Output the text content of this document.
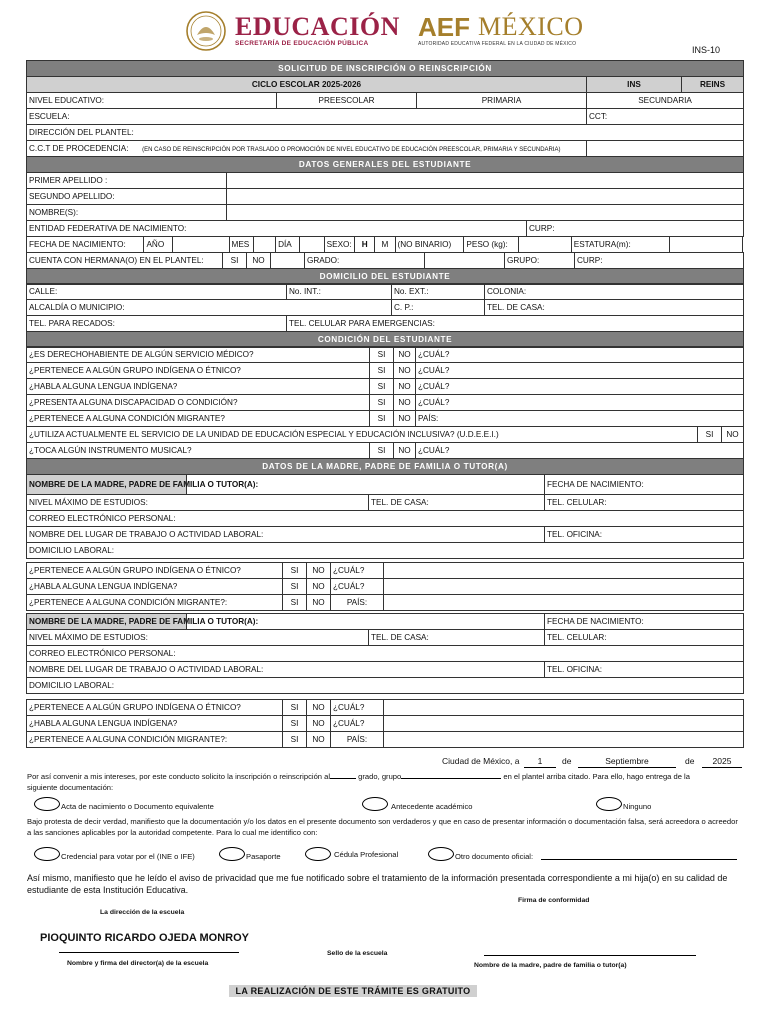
EDUCACIÓN
SECRETARÍA DE EDUCACIÓN PÚBLICA
AEF MÉXICO
AUTORIDAD EDUCATIVA FEDERAL EN LA CIUDAD DE MÉXICO
INS-10
SOLICITUD DE INSCRIPCIÓN O REINSCRIPCIÓN				
CICLO ESCOLAR 2025-2026			INS	REINS
NIVEL EDUCATIVO:	PREESCOLAR	PRIMARIA	SECUNDARIA	
ESCUELA:			CCT:	
DIRECCIÓN DEL PLANTEL:				
C.C.T DE PROCEDENCIA: (EN CASO DE REINSCRIPCIÓN POR TRASLADO O PROMOCIÓN DE NIVEL EDUCATIVO DE EDUCACIÓN PREESCOLAR, PRIMARIA Y SECUNDARIA)				
DATOS GENERALES DEL ESTUDIANTE				
PRIMER APELLIDO :		
SEGUNDO APELLIDO:		
NOMBRE(S):		
ENTIDAD FEDERATIVA DE NACIMIENTO:		CURP:
FECHA DE NACIMIENTO:	AÑO		MES		DÍA		SEXO:	H	M	(NO BINARIO)	PESO (kg):		ESTATURA(m):	
CUENTA CON HERMANA(O) EN EL PLANTEL:	SI	NO		GRADO:		GRUPO:	CURP:
DOMICILIO DEL ESTUDIANTE
CALLE:	No. INT.:	No. EXT.:	COLONIA:
ALCALDÍA O MUNICIPIO:		C. P.:	TEL. DE CASA:
TEL. PARA RECADOS:	TEL. CELULAR PARA EMERGENCIAS:		
CONDICIÓN DEL ESTUDIANTE			
¿ES DERECHOHABIENTE DE ALGÚN SERVICIO MÉDICO?	SI	NO	¿CUÁL?
¿PERTENECE A ALGÚN GRUPO INDÍGENA O ÉTNICO?	SI	NO	¿CUÁL?
¿HABLA ALGUNA LENGUA INDÍGENA?	SI	NO	¿CUÁL?
¿PRESENTA ALGUNA DISCAPACIDAD O CONDICIÓN?	SI	NO	¿CUÁL?
¿PERTENECE A ALGUNA CONDICIÓN MIGRANTE?	SI	NO	PAÍS:
¿UTILIZA ACTUALMENTE EL SERVICIO DE LA UNIDAD DE EDUCACIÓN ESPECIAL Y EDUCACIÓN INCLUSIVA? (U.D.E.E.I.)	SI	NO
¿TOCA ALGÚN INSTRUMENTO MUSICAL?	SI	NO	¿CUÁL?
DATOS DE LA MADRE, PADRE DE FAMILIA O TUTOR(A)
NOMBRE DE LA MADRE, PADRE DE FAMILIA O TUTOR(A):			FECHA DE NACIMIENTO:
NIVEL MÁXIMO DE ESTUDIOS:		TEL. DE CASA:	TEL. CELULAR:
CORREO ELECTRÓNICO PERSONAL:			
NOMBRE DEL LUGAR DE TRABAJO O ACTIVIDAD LABORAL:			TEL. OFICINA:
DOMICILIO LABORAL:			
¿PERTENECE A ALGÚN GRUPO INDÍGENA O ÉTNICO?	SI	NO	¿CUÁL?	
¿HABLA ALGUNA LENGUA INDÍGENA?	SI	NO	¿CUÁL?	
¿PERTENECE A ALGUNA CONDICIÓN MIGRANTE?:	SI	NO	PAÍS:	
NOMBRE DE LA MADRE, PADRE DE FAMILIA O TUTOR(A):			FECHA DE NACIMIENTO:
NIVEL MÁXIMO DE ESTUDIOS:		TEL. DE CASA:	TEL. CELULAR:
CORREO ELECTRÓNICO PERSONAL:			
NOMBRE DEL LUGAR DE TRABAJO O ACTIVIDAD LABORAL:			TEL. OFICINA:
DOMICILIO LABORAL:			
¿PERTENECE A ALGÚN GRUPO INDÍGENA O ÉTNICO?	SI	NO	¿CUÁL?	
¿HABLA ALGUNA LENGUA INDÍGENA?	SI	NO	¿CUÁL?	
¿PERTENECE A ALGUNA CONDICIÓN MIGRANTE?:	SI	NO	PAÍS:	
Ciudad de México, a	1	de	Septiembre	de	2025
Por así convenir a mis intereses, por este conducto solicito la inscripción o reinscripción al	grado, grupo	en el plantel arriba citado. Para ello, hago entrega de la
siguiente documentación:
Acta de nacimiento o Documento equivalente	Antecedente académico	Ninguno
Bajo protesta de decir verdad, manifiesto que la documentación y/o los datos en el presente documento son verdaderos y que en caso de presentar información o documentación falsa, será acreedora o acreedor a las sanciones aplicables por la autoridad competente. Para lo cual me identifico con:
Credencial para votar por el (INE o IFE)	Pasaporte	Cédula Profesional	Otro documento oficial:
Así mismo, manifiesto que he leído el aviso de privacidad que me fue notificado sobre el tratamiento de la información presentada correspondiente a mi hija(o) en su calidad de estudiante de esta Institución Educativa.
Firma de conformidad
La dirección de la escuela
PIOQUINTO RICARDO OJEDA MONROY
Sello de la escuela
Nombre y firma del director(a) de la escuela	Nombre de la madre, padre de familia o tutor(a)
LA REALIZACIÓN DE ESTE TRÁMITE ES GRATUITO
